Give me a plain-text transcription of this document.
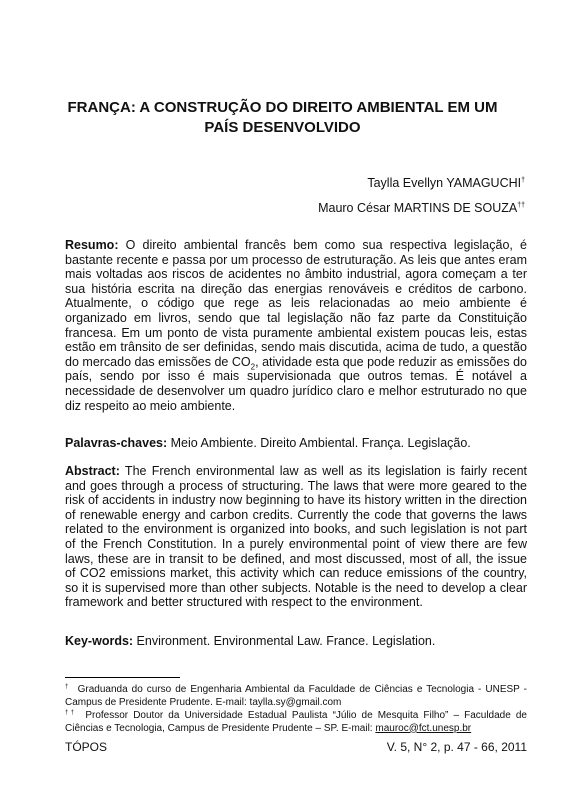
FRANÇA: A CONSTRUÇÃO DO DIREITO AMBIENTAL EM UM PAÍS DESENVOLVIDO
Taylla Evellyn YAMAGUCHI†
Mauro César MARTINS DE SOUZA††

Resumo: O direito ambiental francês bem como sua respectiva legislação, é bastante recente e passa por um processo de estruturação. As leis que antes eram mais voltadas aos riscos de acidentes no âmbito industrial, agora começam a ter sua história escrita na direção das energias renováveis e créditos de carbono. Atualmente, o código que rege as leis relacionadas ao meio ambiente é organizado em livros, sendo que tal legislação não faz parte da Constituição francesa. Em um ponto de vista puramente ambiental existem poucas leis, estas estão em trânsito de ser definidas, sendo mais discutida, acima de tudo, a questão do mercado das emissões de $CO_2$, atividade esta que pode reduzir as emissões do país, sendo por isso é mais supervisionada que outros temas. É notável a necessidade de desenvolver um quadro jurídico claro e melhor estruturado no que diz respeito ao meio ambiente.

Palavras-chaves: Meio Ambiente. Direito Ambiental. França. Legislação.

Abstract: The French environmental law as well as its legislation is fairly recent and goes through a process of structuring. The laws that were more geared to the risk of accidents in industry now beginning to have its history written in the direction of renewable energy and carbon credits. Currently the code that governs the laws related to the environment is organized into books, and such legislation is not part of the French Constitution. In a purely environmental point of view there are few laws, these are in transit to be defined, and most discussed, most of all, the issue of CO2 emissions market, this activity which can reduce emissions of the country, so it is supervised more than other subjects. Notable is the need to develop a clear framework and better structured with respect to the environment.

Key-words: Environment. Environmental Law. France. Legislation.

† Graduanda do curso de Engenharia Ambiental da Faculdade de Ciências e Tecnologia - UNESP - Campus de Presidente Prudente. E-mail: taylla.sy@gmail.com

†† Professor Doutor da Universidade Estadual Paulista “Júlio de Mesquita Filho” – Faculdade de Ciências e Tecnologia, Campus de Presidente Prudente – SP. E-mail: mauroc@fct.unesp.br

TÓPOS	V. 5, N° 2, p. 47 - 66, 2011
